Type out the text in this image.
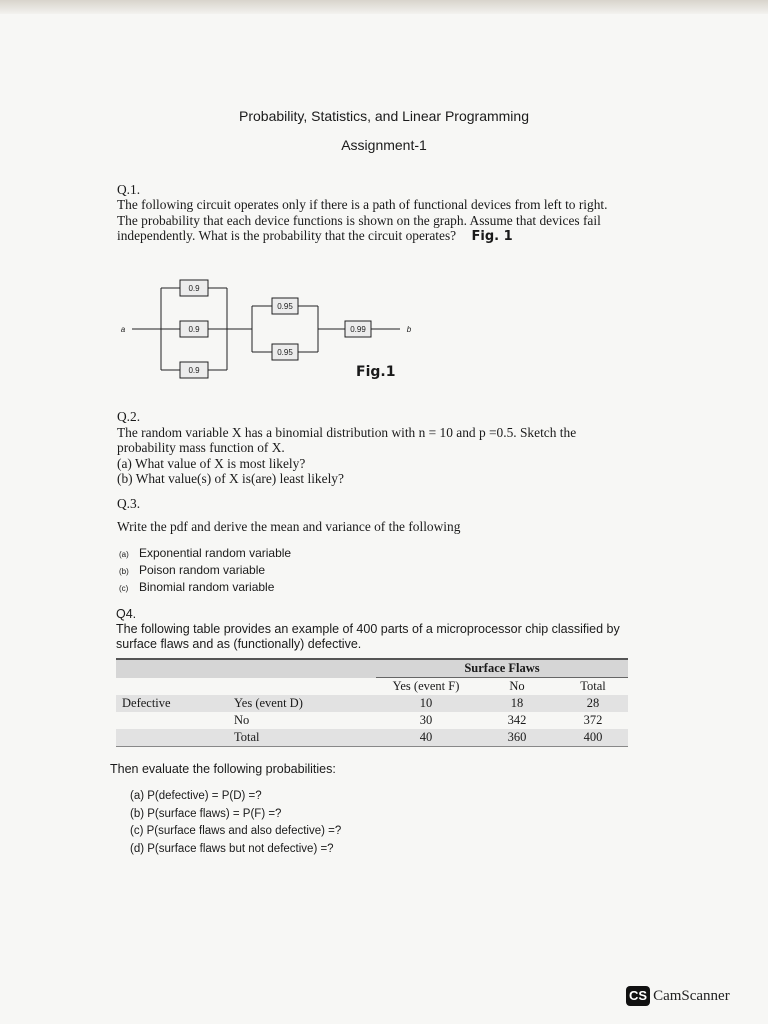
Probability, Statistics, and Linear Programming
Assignment-1
Q.1.
The following circuit operates only if there is a path of functional devices from left to right.
The probability that each device functions is shown on the graph. Assume that devices fail
independently. What is the probability that the circuit operates? Fig. 1
a	b
0.9
0.9
0.9
0.95
0.95
0.99
Fig.1
Q.2.
The random variable X has a binomial distribution with n = 10 and p =0.5. Sketch the
probability mass function of X.
(a) What value of X is most likely?
(b) What value(s) of X is(are) least likely?
Q.3.
Write the pdf and derive the mean and variance of the following
(a) Exponential random variable
(b) Poison random variable
(c) Binomial random variable
Q4.
The following table provides an example of 400 parts of a microprocessor chip classified by
surface flaws and as (functionally) defective.
		Surface Flaws		
		Yes (event F)	No	Total
Defective	Yes (event D)	10	18	28
	No	30	342	372
	Total	40	360	400
Then evaluate the following probabilities:
(a) P(defective) = P(D) =?
(b) P(surface flaws) = P(F) =?
(c) P(surface flaws and also defective) =?
(d) P(surface flaws but not defective) =?
CS CamScanner
